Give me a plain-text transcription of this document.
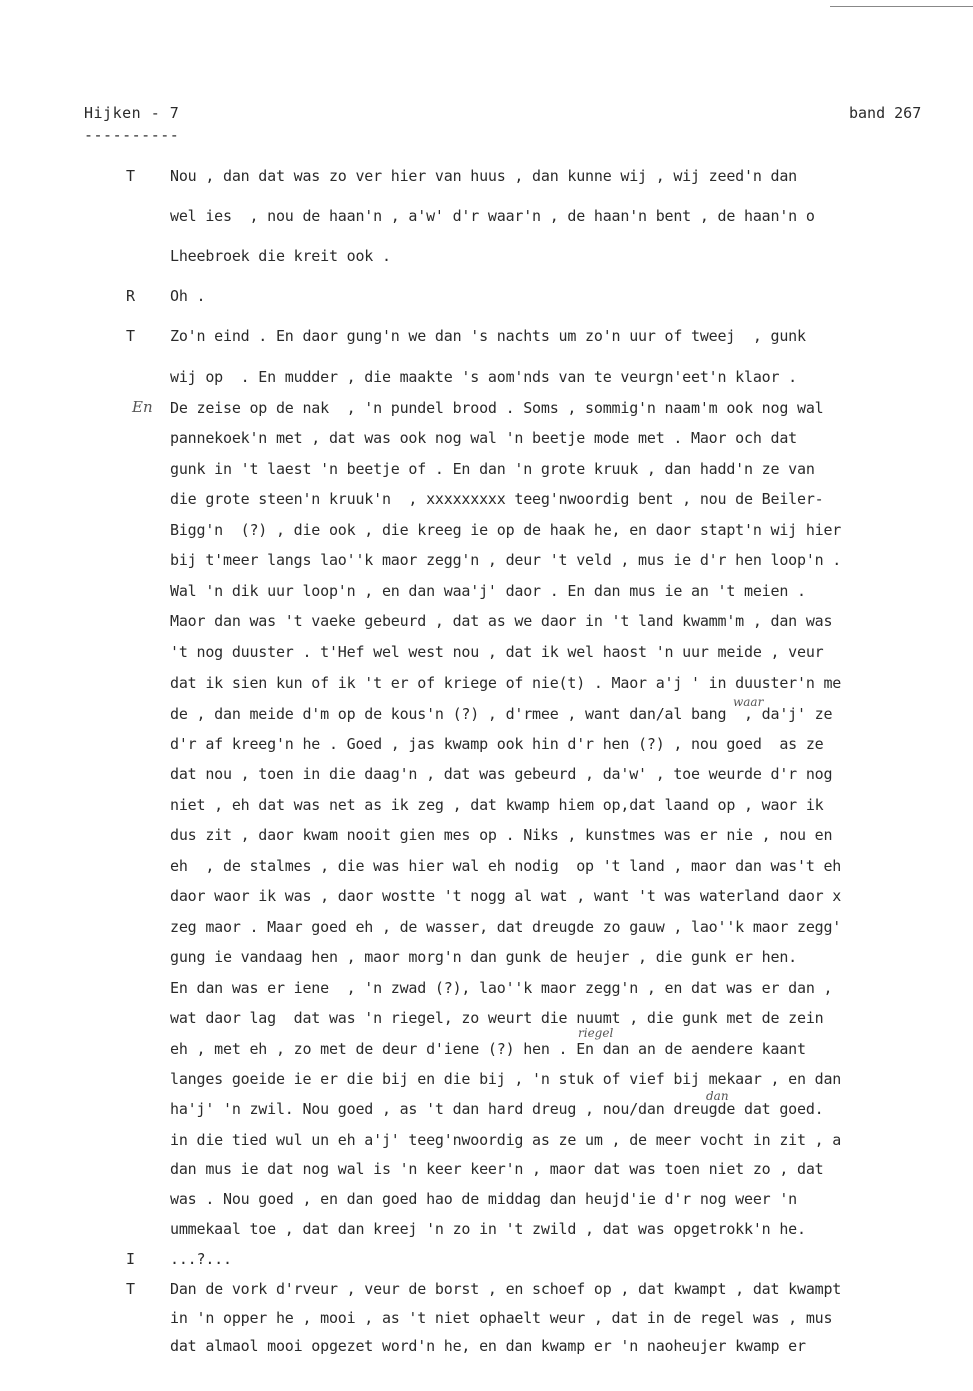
Hijken - 7
----------
band 267
T
R
T
I
T
En
waar
riegel
dan
Nou , dan dat was zo ver hier van huus , dan kunne wij , wij zeed'n dan
wel ies  , nou de haan'n , a'w' d'r waar'n , de haan'n bent , de haan'n o
Lheebroek die kreit ook .
Oh .
Zo'n eind . En daor gung'n we dan 's nachts um zo'n uur of tweej  , gunk
wij op  . En mudder , die maakte 's aom'nds van te veurgn'eet'n klaor .
De zeise op de nak  , 'n pundel brood . Soms , sommig'n naam'm ook nog wal
pannekoek'n met , dat was ook nog wal 'n beetje mode met . Maor och dat
gunk in 't laest 'n beetje of . En dan 'n grote kruuk , dan hadd'n ze van
die grote steen'n kruuk'n  , xxxxxxxxx teeg'nwoordig bent , nou de Beiler-
Bigg'n  (?) , die ook , die kreeg ie op de haak he, en daor stapt'n wij hier
bij t'meer langs lao''k maor zegg'n , deur 't veld , mus ie d'r hen loop'n .
Wal 'n dik uur loop'n , en dan waa'j' daor . En dan mus ie an 't meien .
Maor dan was 't vaeke gebeurd , dat as we daor in 't land kwamm'm , dan was
't nog duuster . t'Hef wel west nou , dat ik wel haost 'n uur meide , veur
dat ik sien kun of ik 't er of kriege of nie(t) . Maor a'j ' in duuster'n me
de , dan meide d'm op de kous'n (?) , d'rmee , want dan/al bang  , da'j' ze
d'r af kreeg'n he . Goed , jas kwamp ook hin d'r hen (?) , nou goed  as ze
dat nou , toen in die daag'n , dat was gebeurd , da'w' , toe weurde d'r nog
niet , eh dat was net as ik zeg , dat kwamp hiem op,dat laand op , waor ik
dus zit , daor kwam nooit gien mes op . Niks , kunstmes was er nie , nou en
eh  , de stalmes , die was hier wal eh nodig  op 't land , maor dan was't eh
daor waor ik was , daor wostte 't nogg al wat , want 't was waterland daor x
zeg maor . Maar goed eh , de wasser, dat dreugde zo gauw , lao''k maor zegg'
gung ie vandaag hen , maor morg'n dan gunk de heujer , die gunk er hen.
En dan was er iene  , 'n zwad (?), lao''k maor zegg'n , en dat was er dan ,
wat daor lag  dat was 'n riegel, zo weurt die nuumt , die gunk met de zein
eh , met eh , zo met de deur d'iene (?) hen . En dan an de aendere kaant
langes goeide ie er die bij en die bij , 'n stuk of vief bij mekaar , en dan
ha'j' 'n zwil. Nou goed , as 't dan hard dreug , nou/dan dreugde dat goed.
in die tied wul un eh a'j' teeg'nwoordig as ze um , de meer vocht in zit , a
dan mus ie dat nog wal is 'n keer keer'n , maor dat was toen niet zo , dat
was . Nou goed , en dan goed hao de middag dan heujd'ie d'r nog weer 'n
ummekaal toe , dat dan kreej 'n zo in 't zwild , dat was opgetrokk'n he.
...?...
Dan de vork d'rveur , veur de borst , en schoef op , dat kwampt , dat kwampt
in 'n opper he , mooi , as 't niet ophaelt weur , dat in de regel was , mus
dat almaol mooi opgezet word'n he, en dan kwamp er 'n naoheujer kwamp er
